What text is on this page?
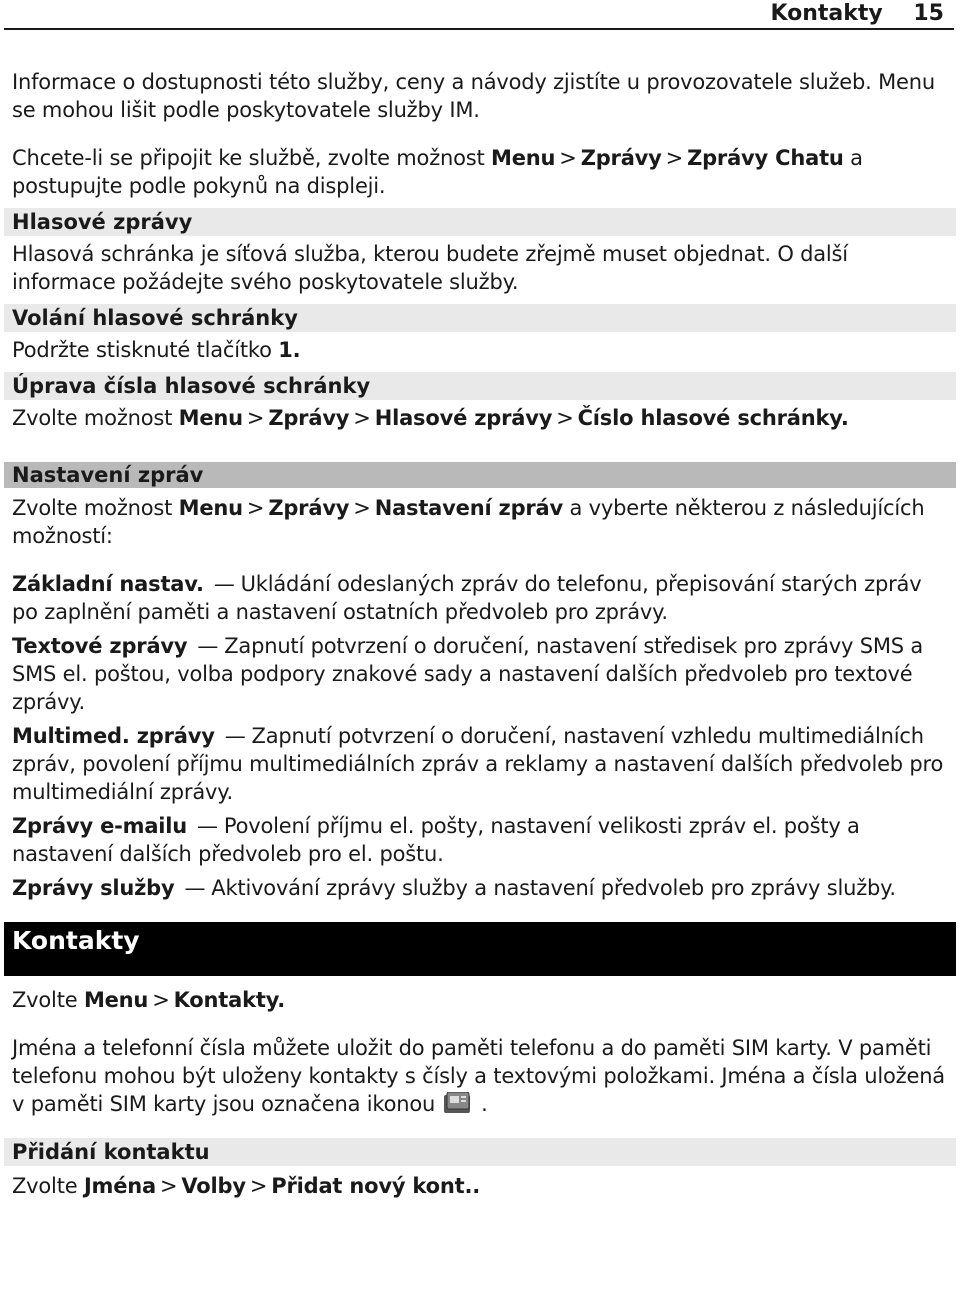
Kontakty 15

Informace o dostupnosti této služby, ceny a návody zjistíte u provozovatele služeb. Menu se mohou lišit podle poskytovatele služby IM.

Chcete-li se připojit ke službě, zvolte možnost Menu > Zprávy > Zprávy Chatu a postupujte podle pokynů na displeji.

Hlasové zprávy

Hlasová schránka je síťová služba, kterou budete zřejmě muset objednat. O další informace požádejte svého poskytovatele služby.

Volání hlasové schránky

Podržte stisknuté tlačítko 1.

Úprava čísla hlasové schránky

Zvolte možnost Menu > Zprávy > Hlasové zprávy > Číslo hlasové schránky.

Nastavení zpráv

Zvolte možnost Menu > Zprávy > Nastavení zpráv a vyberte některou z následujících možností:

Základní nastav. — Ukládání odeslaných zpráv do telefonu, přepisování starých zpráv po zaplnění paměti a nastavení ostatních předvoleb pro zprávy.

Textové zprávy — Zapnutí potvrzení o doručení, nastavení středisek pro zprávy SMS a SMS el. poštou, volba podpory znakové sady a nastavení dalších předvoleb pro textové zprávy.

Multimed. zprávy — Zapnutí potvrzení o doručení, nastavení vzhledu multimediálních zpráv, povolení příjmu multimediálních zpráv a reklamy a nastavení dalších předvoleb pro multimediální zprávy.

Zprávy e-mailu — Povolení příjmu el. pošty, nastavení velikosti zpráv el. pošty a nastavení dalších předvoleb pro el. poštu.

Zprávy služby — Aktivování zprávy služby a nastavení předvoleb pro zprávy služby.

Kontakty

Zvolte Menu > Kontakty.

Jména a telefonní čísla můžete uložit do paměti telefonu a do paměti SIM karty. V paměti telefonu mohou být uloženy kontakty s čísly a textovými položkami. Jména a čísla uložená v paměti SIM karty jsou označena ikonou .

Přidání kontaktu

Zvolte Jména > Volby > Přidat nový kont..
